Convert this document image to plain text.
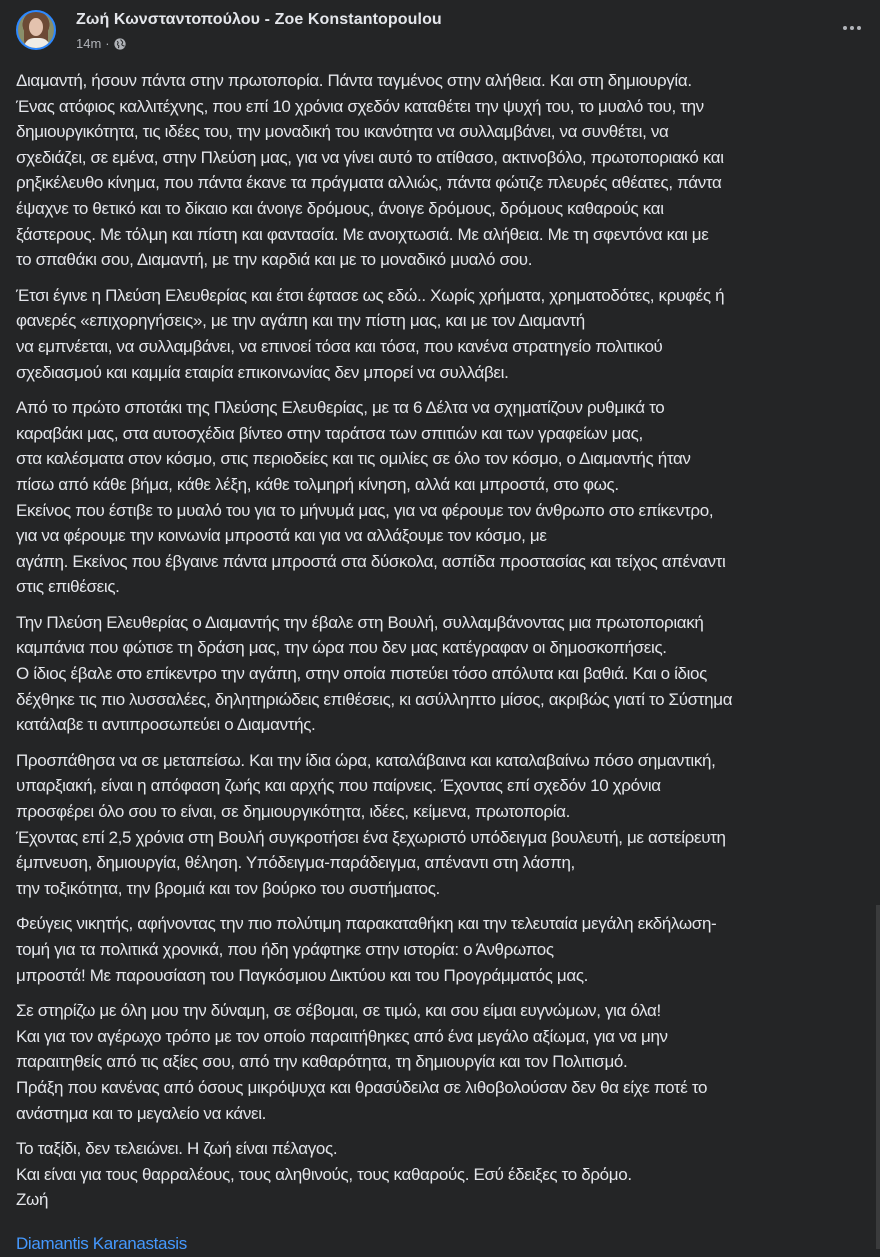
Ζωή Κωνσταντοπούλου - Zoe Konstantopoulou
14m ·
Διαμαντή, ήσουν πάντα στην πρωτοπορία. Πάντα ταγμένος στην αλήθεια. Και στη δημιουργία.
Ένας ατόφιος καλλιτέχνης, που επί 10 χρόνια σχεδόν καταθέτει την ψυχή του, το μυαλό του, την
δημιουργικότητα, τις ιδέες του, την μοναδική του ικανότητα να συλλαμβάνει, να συνθέτει, να
σχεδιάζει, σε εμένα, στην Πλεύση μας, για να γίνει αυτό το ατίθασο, ακτινοβόλο, πρωτοποριακό και
ρηξικέλευθο κίνημα, που πάντα έκανε τα πράγματα αλλιώς, πάντα φώτιζε πλευρές αθέατες, πάντα
έψαχνε το θετικό και το δίκαιο και άνοιγε δρόμους, άνοιγε δρόμους, δρόμους καθαρούς και
ξάστερους. Με τόλμη και πίστη και φαντασία. Με ανοιχτωσιά. Με αλήθεια. Με τη σφεντόνα και με
το σπαθάκι σου, Διαμαντή, με την καρδιά και με το μοναδικό μυαλό σου.
Έτσι έγινε η Πλεύση Ελευθερίας και έτσι έφτασε ως εδώ.. Χωρίς χρήματα, χρηματοδότες, κρυφές ή
φανερές «επιχορηγήσεις», με την αγάπη και την πίστη μας, και με τον Διαμαντή
να εμπνέεται, να συλλαμβάνει, να επινοεί τόσα και τόσα, που κανένα στρατηγείο πολιτικού
σχεδιασμού και καμμία εταιρία επικοινωνίας δεν μπορεί να συλλάβει.
Από το πρώτο σποτάκι της Πλεύσης Ελευθερίας, με τα 6 Δέλτα να σχηματίζουν ρυθμικά το
καραβάκι μας, στα αυτοσχέδια βίντεο στην ταράτσα των σπιτιών και των γραφείων μας,
στα καλέσματα στον κόσμο, στις περιοδείες και τις ομιλίες σε όλο τον κόσμο, ο Διαμαντής ήταν
πίσω από κάθε βήμα, κάθε λέξη, κάθε τολμηρή κίνηση, αλλά και μπροστά, στο φως.
Εκείνος που έστιβε το μυαλό του για το μήνυμά μας, για να φέρουμε τον άνθρωπο στο επίκεντρο,
για να φέρουμε την κοινωνία μπροστά και για να αλλάξουμε τον κόσμο, με
αγάπη. Εκείνος που έβγαινε πάντα μπροστά στα δύσκολα, ασπίδα προστασίας και τείχος απέναντι
στις επιθέσεις.
Την Πλεύση Ελευθερίας ο Διαμαντής την έβαλε στη Βουλή, συλλαμβάνοντας μια πρωτοποριακή
καμπάνια που φώτισε τη δράση μας, την ώρα που δεν μας κατέγραφαν οι δημοσκοπήσεις.
Ο ίδιος έβαλε στο επίκεντρο την αγάπη, στην οποία πιστεύει τόσο απόλυτα και βαθιά. Και ο ίδιος
δέχθηκε τις πιο λυσσαλέες, δηλητηριώδεις επιθέσεις, κι ασύλληπτο μίσος, ακριβώς γιατί το Σύστημα
κατάλαβε τι αντιπροσωπεύει ο Διαμαντής.
Προσπάθησα να σε μεταπείσω. Και την ίδια ώρα, καταλάβαινα και καταλαβαίνω πόσο σημαντική,
υπαρξιακή, είναι η απόφαση ζωής και αρχής που παίρνεις. Έχοντας επί σχεδόν 10 χρόνια
προσφέρει όλο σου το είναι, σε δημιουργικότητα, ιδέες, κείμενα, πρωτοπορία.
Έχοντας επί 2,5 χρόνια στη Βουλή συγκροτήσει ένα ξεχωριστό υπόδειγμα βουλευτή, με αστείρευτη
έμπνευση, δημιουργία, θέληση. Υπόδειγμα-παράδειγμα, απέναντι στη λάσπη,
την τοξικότητα, την βρομιά και τον βούρκο του συστήματος.
Φεύγεις νικητής, αφήνοντας την πιο πολύτιμη παρακαταθήκη και την τελευταία μεγάλη εκδήλωση-
τομή για τα πολιτικά χρονικά, που ήδη γράφτηκε στην ιστορία: ο Άνθρωπος
μπροστά! Με παρουσίαση του Παγκόσμιου Δικτύου και του Προγράμματός μας.
Σε στηρίζω με όλη μου την δύναμη, σε σέβομαι, σε τιμώ, και σου είμαι ευγνώμων, για όλα!
Και για τον αγέρωχο τρόπο με τον οποίο παραιτήθηκες από ένα μεγάλο αξίωμα, για να μην
παραιτηθείς από τις αξίες σου, από την καθαρότητα, τη δημιουργία και τον Πολιτισμό.
Πράξη που κανένας από όσους μικρόψυχα και θρασύδειλα σε λιθοβολούσαν δεν θα είχε ποτέ το
ανάστημα και το μεγαλείο να κάνει.
Το ταξίδι, δεν τελειώνει. Η ζωή είναι πέλαγος.
Και είναι για τους θαρραλέους, τους αληθινούς, τους καθαρούς. Εσύ έδειξες το δρόμο.
Ζωή
Diamantis Karanastasis
